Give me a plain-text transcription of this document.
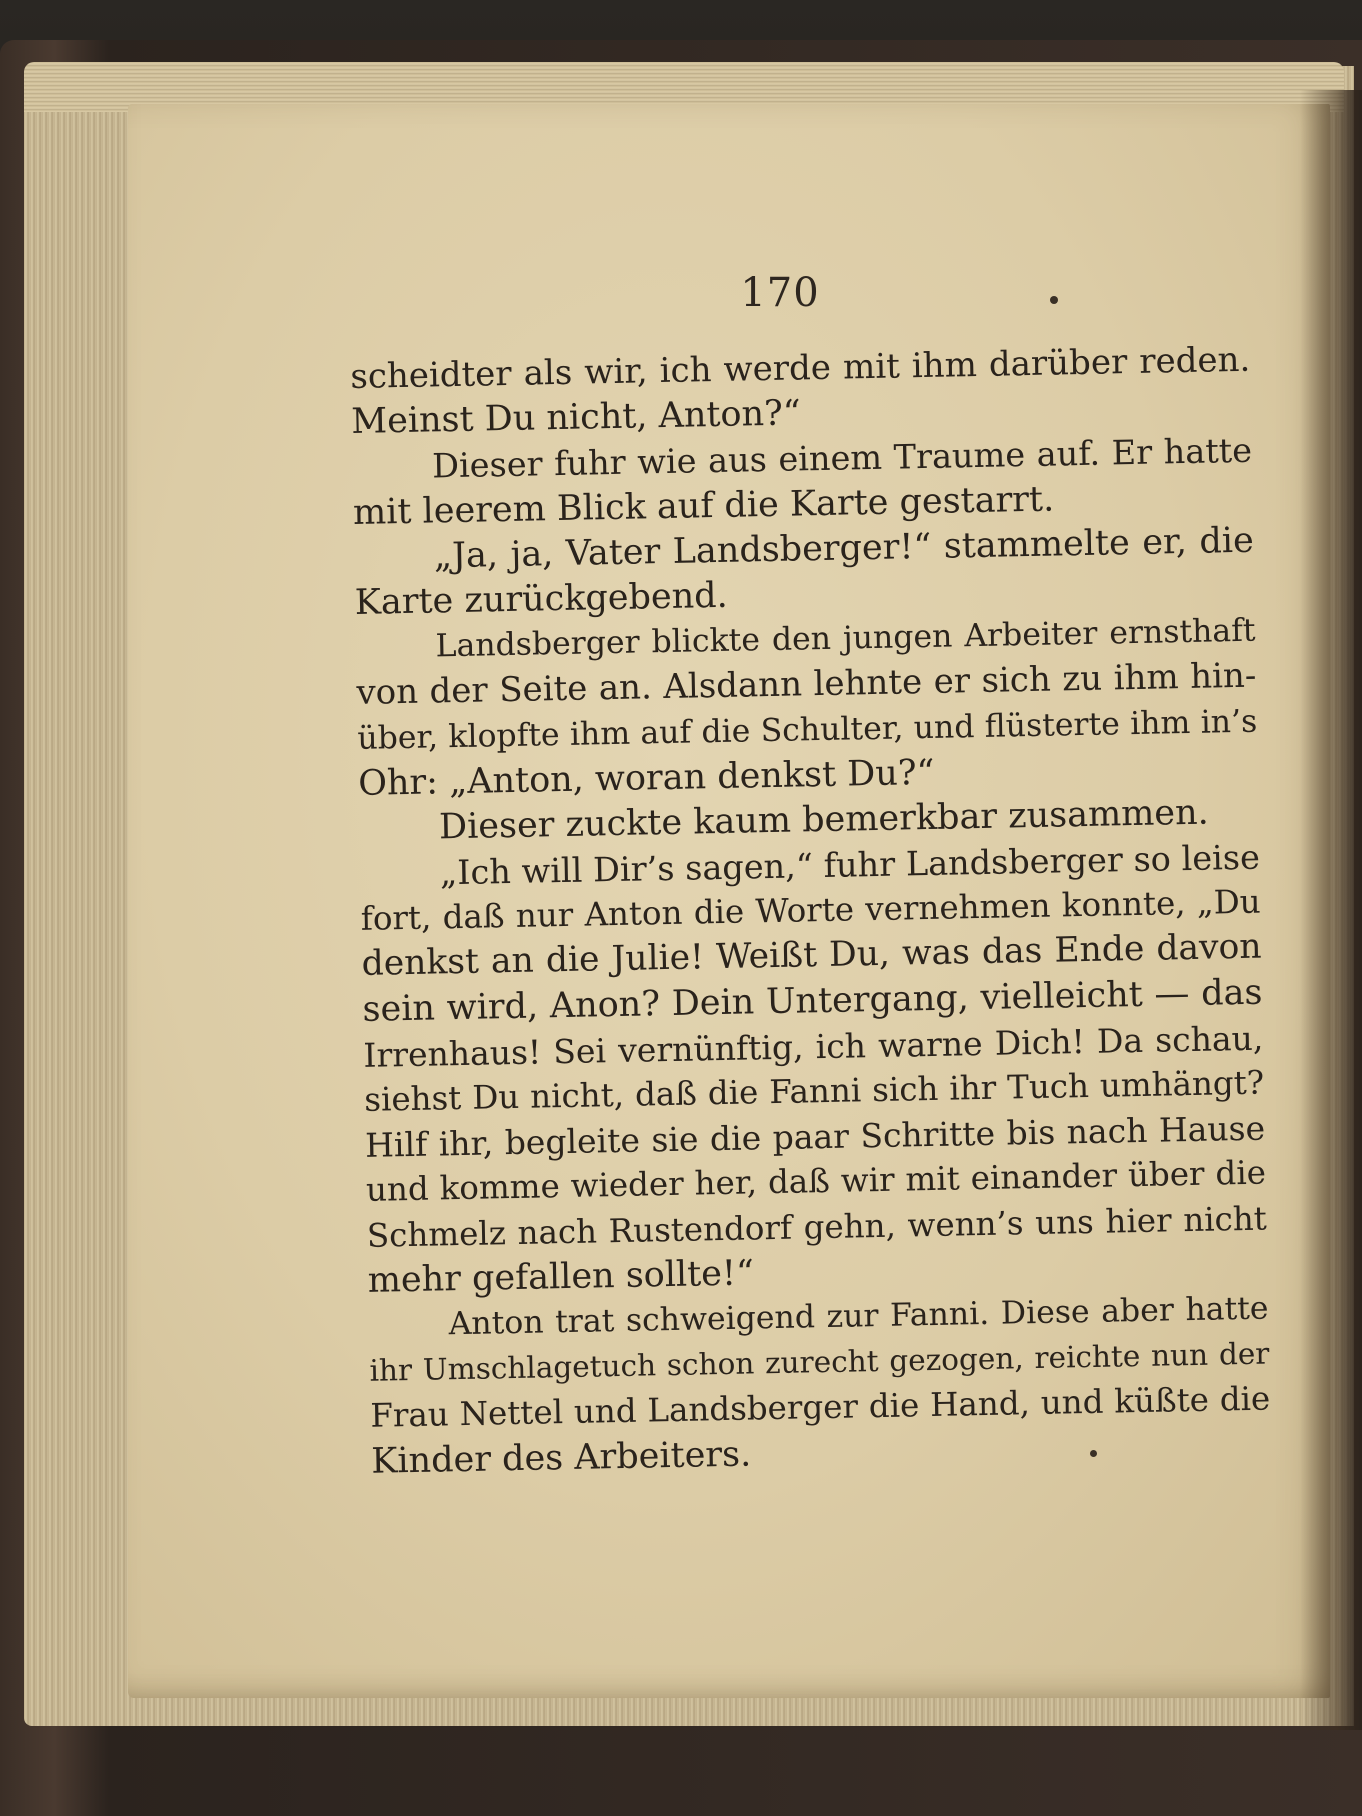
170
scheidter als wir, ich werde mit ihm darüber reden.
Meinst Du nicht, Anton?“
Dieser fuhr wie aus einem Traume auf. Er hatte
mit leerem Blick auf die Karte gestarrt.
„Ja, ja, Vater Landsberger!“ stammelte er, die
Karte zurückgebend.
Landsberger blickte den jungen Arbeiter ernsthaft
von der Seite an. Alsdann lehnte er sich zu ihm hin-
über, klopfte ihm auf die Schulter, und flüsterte ihm in’s
Ohr: „Anton, woran denkst Du?“
Dieser zuckte kaum bemerkbar zusammen.
„Ich will Dir’s sagen,“ fuhr Landsberger so leise
fort, daß nur Anton die Worte vernehmen konnte, „Du
denkst an die Julie! Weißt Du, was das Ende davon
sein wird, Anon? Dein Untergang, vielleicht — das
Irrenhaus! Sei vernünftig, ich warne Dich! Da schau,
siehst Du nicht, daß die Fanni sich ihr Tuch umhängt?
Hilf ihr, begleite sie die paar Schritte bis nach Hause
und komme wieder her, daß wir mit einander über die
Schmelz nach Rustendorf gehn, wenn’s uns hier nicht
mehr gefallen sollte!“
Anton trat schweigend zur Fanni. Diese aber hatte
ihr Umschlagetuch schon zurecht gezogen, reichte nun der
Frau Nettel und Landsberger die Hand, und küßte die
Kinder des Arbeiters.
